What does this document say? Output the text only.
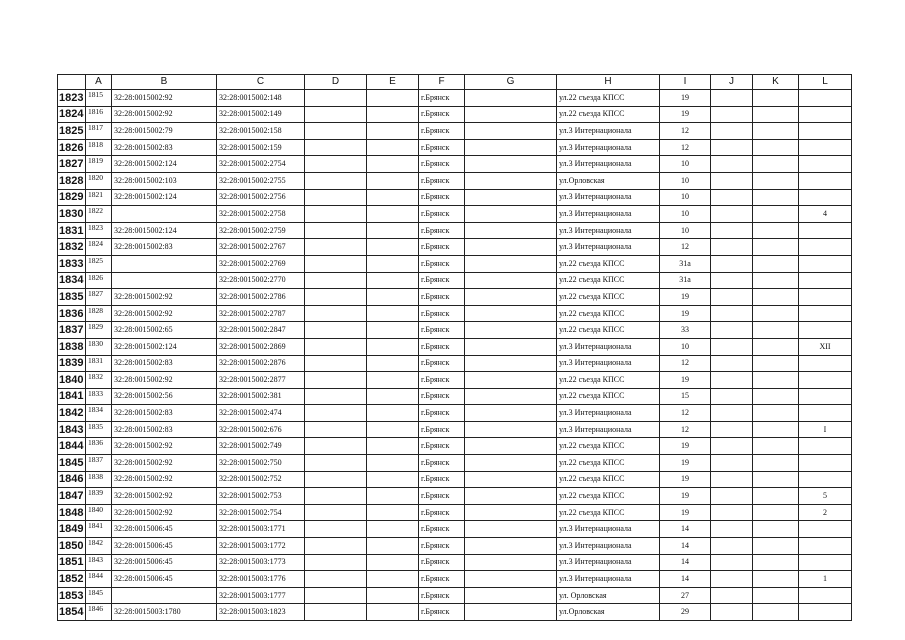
	A	B	C	D	E	F	G	H	I	J	K	L
1823	1815	32:28:0015002:92	32:28:0015002:148			г.Брянск		ул.22 съезда КПСС	19			
1824	1816	32:28:0015002:92	32:28:0015002:149			г.Брянск		ул.22 съезда КПСС	19			
1825	1817	32:28:0015002:79	32:28:0015002:158			г.Брянск		ул.3 Интернационала	12			
1826	1818	32:28:0015002:83	32:28:0015002:159			г.Брянск		ул.3 Интернационала	12			
1827	1819	32:28:0015002:124	32:28:0015002:2754			г.Брянск		ул.3 Интернационала	10			
1828	1820	32:28:0015002:103	32:28:0015002:2755			г.Брянск		ул.Орловская	10			
1829	1821	32:28:0015002:124	32:28:0015002:2756			г.Брянск		ул.3 Интернационала	10			
1830	1822		32:28:0015002:2758			г.Брянск		ул.3 Интернационала	10			4
1831	1823	32:28:0015002:124	32:28:0015002:2759			г.Брянск		ул.3 Интернационала	10			
1832	1824	32:28:0015002:83	32:28:0015002:2767			г.Брянск		ул.3 Интернационала	12			
1833	1825		32:28:0015002:2769			г.Брянск		ул.22 съезда КПСС	31а			
1834	1826		32:28:0015002:2770			г.Брянск		ул.22 съезда КПСС	31а			
1835	1827	32:28:0015002:92	32:28:0015002:2786			г.Брянск		ул.22 съезда КПСС	19			
1836	1828	32:28:0015002:92	32:28:0015002:2787			г.Брянск		ул.22 съезда КПСС	19			
1837	1829	32:28:0015002:65	32:28:0015002:2847			г.Брянск		ул.22 съезда КПСС	33			
1838	1830	32:28:0015002:124	32:28:0015002:2869			г.Брянск		ул.3 Интернационала	10			XII
1839	1831	32:28:0015002:83	32:28:0015002:2876			г.Брянск		ул.3 Интернационала	12			
1840	1832	32:28:0015002:92	32:28:0015002:2877			г.Брянск		ул.22 съезда КПСС	19			
1841	1833	32:28:0015002:56	32:28:0015002:381			г.Брянск		ул.22 съезда КПСС	15			
1842	1834	32:28:0015002:83	32:28:0015002:474			г.Брянск		ул.3 Интернационала	12			
1843	1835	32:28:0015002:83	32:28:0015002:676			г.Брянск		ул.3 Интернационала	12			I
1844	1836	32:28:0015002:92	32:28:0015002:749			г.Брянск		ул.22 съезда КПСС	19			
1845	1837	32:28:0015002:92	32:28:0015002:750			г.Брянск		ул.22 съезда КПСС	19			
1846	1838	32:28:0015002:92	32:28:0015002:752			г.Брянск		ул.22 съезда КПСС	19			
1847	1839	32:28:0015002:92	32:28:0015002:753			г.Брянск		ул.22 съезда КПСС	19			5
1848	1840	32:28:0015002:92	32:28:0015002:754			г.Брянск		ул.22 съезда КПСС	19			2
1849	1841	32:28:0015006:45	32:28:0015003:1771			г.Брянск		ул.3 Интернационала	14			
1850	1842	32:28:0015006:45	32:28:0015003:1772			г.Брянск		ул.3 Интернационала	14			
1851	1843	32:28:0015006:45	32:28:0015003:1773			г.Брянск		ул.3 Интернационала	14			
1852	1844	32:28:0015006:45	32:28:0015003:1776			г.Брянск		ул.3 Интернационала	14			1
1853	1845		32:28:0015003:1777			г.Брянск		ул. Орловская	27			
1854	1846	32:28:0015003:1780	32:28:0015003:1823			г.Брянск		ул.Орловская	29			
